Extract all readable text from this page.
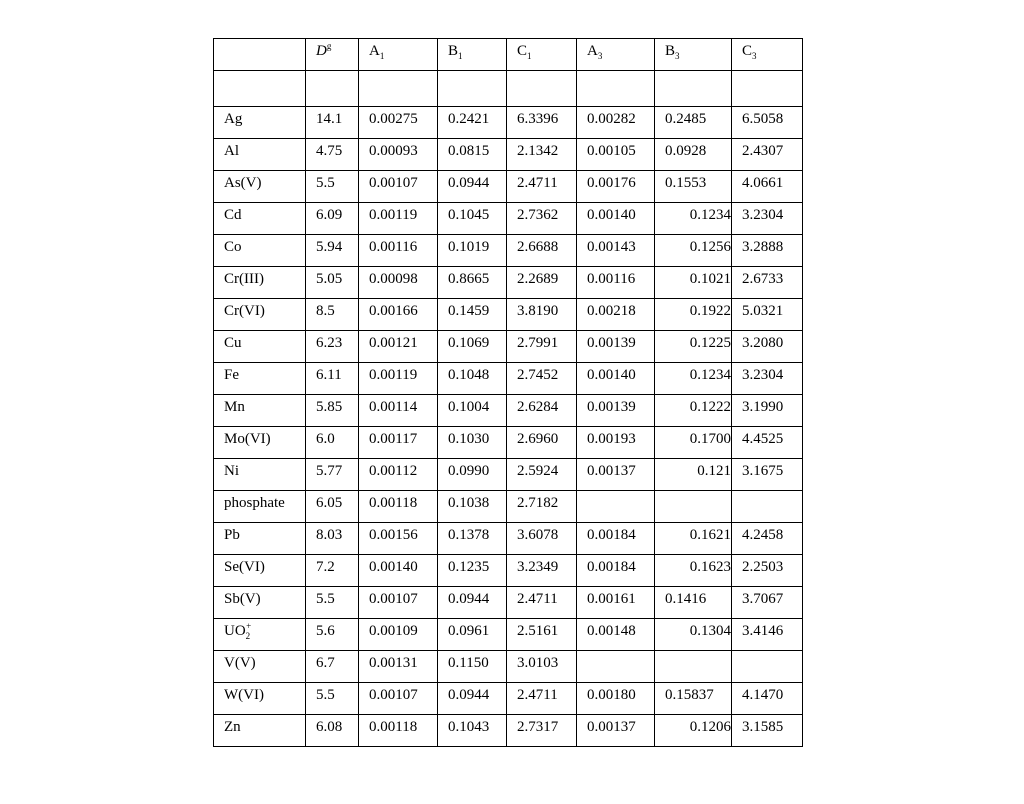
	$D^g$	$A_1$	$B_1$	$C_1$	$A_3$	$B_3$	$C_3$

Ag	14.1	0.00275	0.2421	6.3396	0.00282	0.2485	6.5058
Al	4.75	0.00093	0.0815	2.1342	0.00105	0.0928	2.4307
As(V)	5.5	0.00107	0.0944	2.4711	0.00176	0.1553	4.0661
Cd	6.09	0.00119	0.1045	2.7362	0.00140	0.1234	3.2304
Co	5.94	0.00116	0.1019	2.6688	0.00143	0.1256	3.2888
Cr(III)	5.05	0.00098	0.8665	2.2689	0.00116	0.1021	2.6733
Cr(VI)	8.5	0.00166	0.1459	3.8190	0.00218	0.1922	5.0321
Cu	6.23	0.00121	0.1069	2.7991	0.00139	0.1225	3.2080
Fe	6.11	0.00119	0.1048	2.7452	0.00140	0.1234	3.2304
Mn	5.85	0.00114	0.1004	2.6284	0.00139	0.1222	3.1990
Mo(VI)	6.0	0.00117	0.1030	2.6960	0.00193	0.1700	4.4525
Ni	5.77	0.00112	0.0990	2.5924	0.00137	0.121	3.1675
phosphate	6.05	0.00118	0.1038	2.7182			
Pb	8.03	0.00156	0.1378	3.6078	0.00184	0.1621	4.2458
Se(VI)	7.2	0.00140	0.1235	3.2349	0.00184	0.1623	2.2503
Sb(V)	5.5	0.00107	0.0944	2.4711	0.00161	0.1416	3.7067
$UO_2^+$	5.6	0.00109	0.0961	2.5161	0.00148	0.1304	3.4146
V(V)	6.7	0.00131	0.1150	3.0103			
W(VI)	5.5	0.00107	0.0944	2.4711	0.00180	0.15837	4.1470
Zn	6.08	0.00118	0.1043	2.7317	0.00137	0.1206	3.1585
